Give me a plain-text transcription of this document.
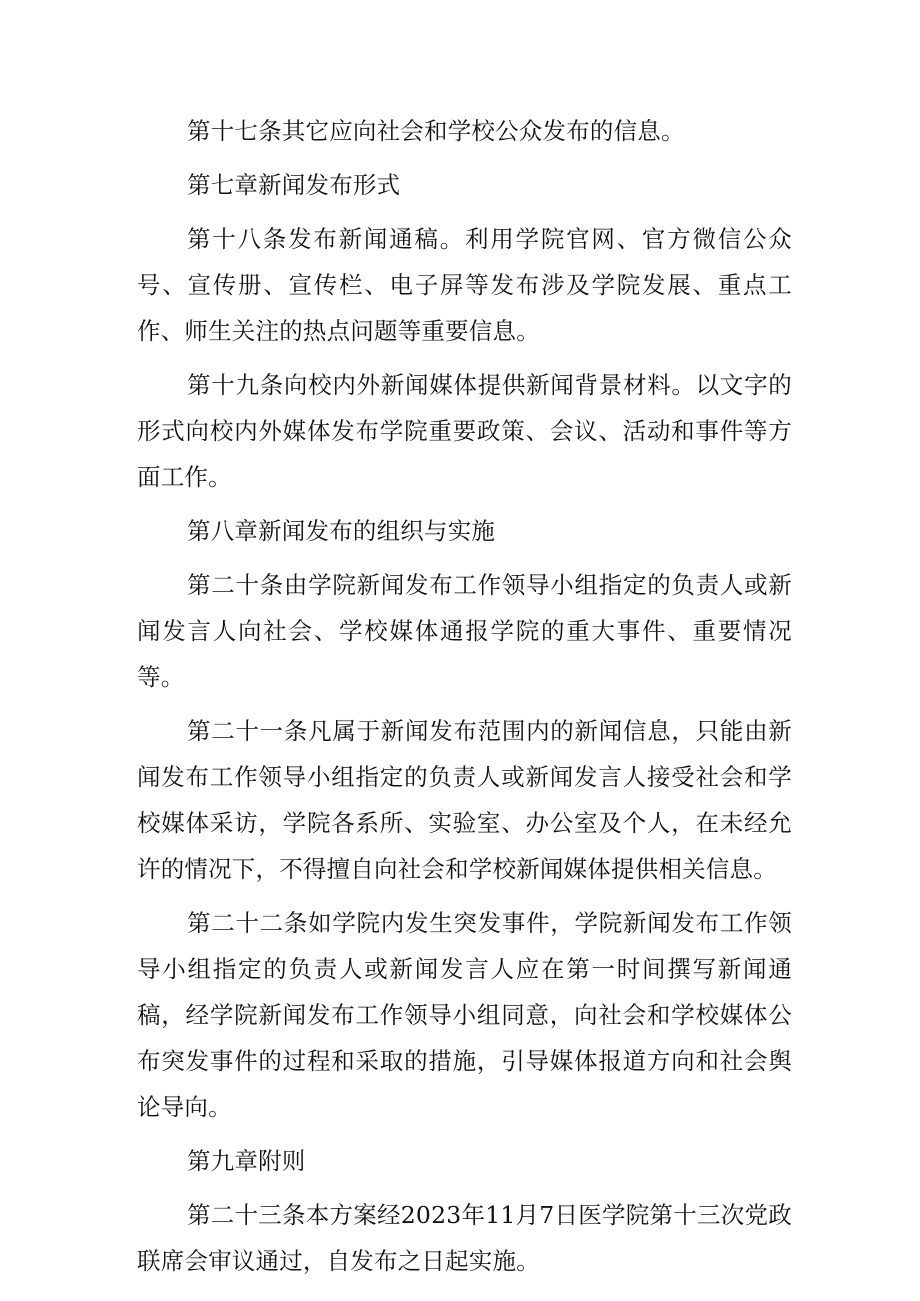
第十七条其它应向社会和学校公众发布的信息。

第七章新闻发布形式

第十八条发布新闻通稿。利用学院官网、官方微信公众号、宣传册、宣传栏、电子屏等发布涉及学院发展、重点工作、师生关注的热点问题等重要信息。

第十九条向校内外新闻媒体提供新闻背景材料。以文字的形式向校内外媒体发布学院重要政策、会议、活动和事件等方面工作。

第八章新闻发布的组织与实施

第二十条由学院新闻发布工作领导小组指定的负责人或新闻发言人向社会、学校媒体通报学院的重大事件、重要情况等。

第二十一条凡属于新闻发布范围内的新闻信息，只能由新闻发布工作领导小组指定的负责人或新闻发言人接受社会和学校媒体采访，学院各系所、实验室、办公室及个人，在未经允许的情况下，不得擅自向社会和学校新闻媒体提供相关信息。

第二十二条如学院内发生突发事件，学院新闻发布工作领导小组指定的负责人或新闻发言人应在第一时间撰写新闻通稿，经学院新闻发布工作领导小组同意，向社会和学校媒体公布突发事件的过程和采取的措施，引导媒体报道方向和社会舆论导向。

第九章附则

第二十三条本方案经2023年11月7日医学院第十三次党政联席会审议通过，自发布之日起实施。
